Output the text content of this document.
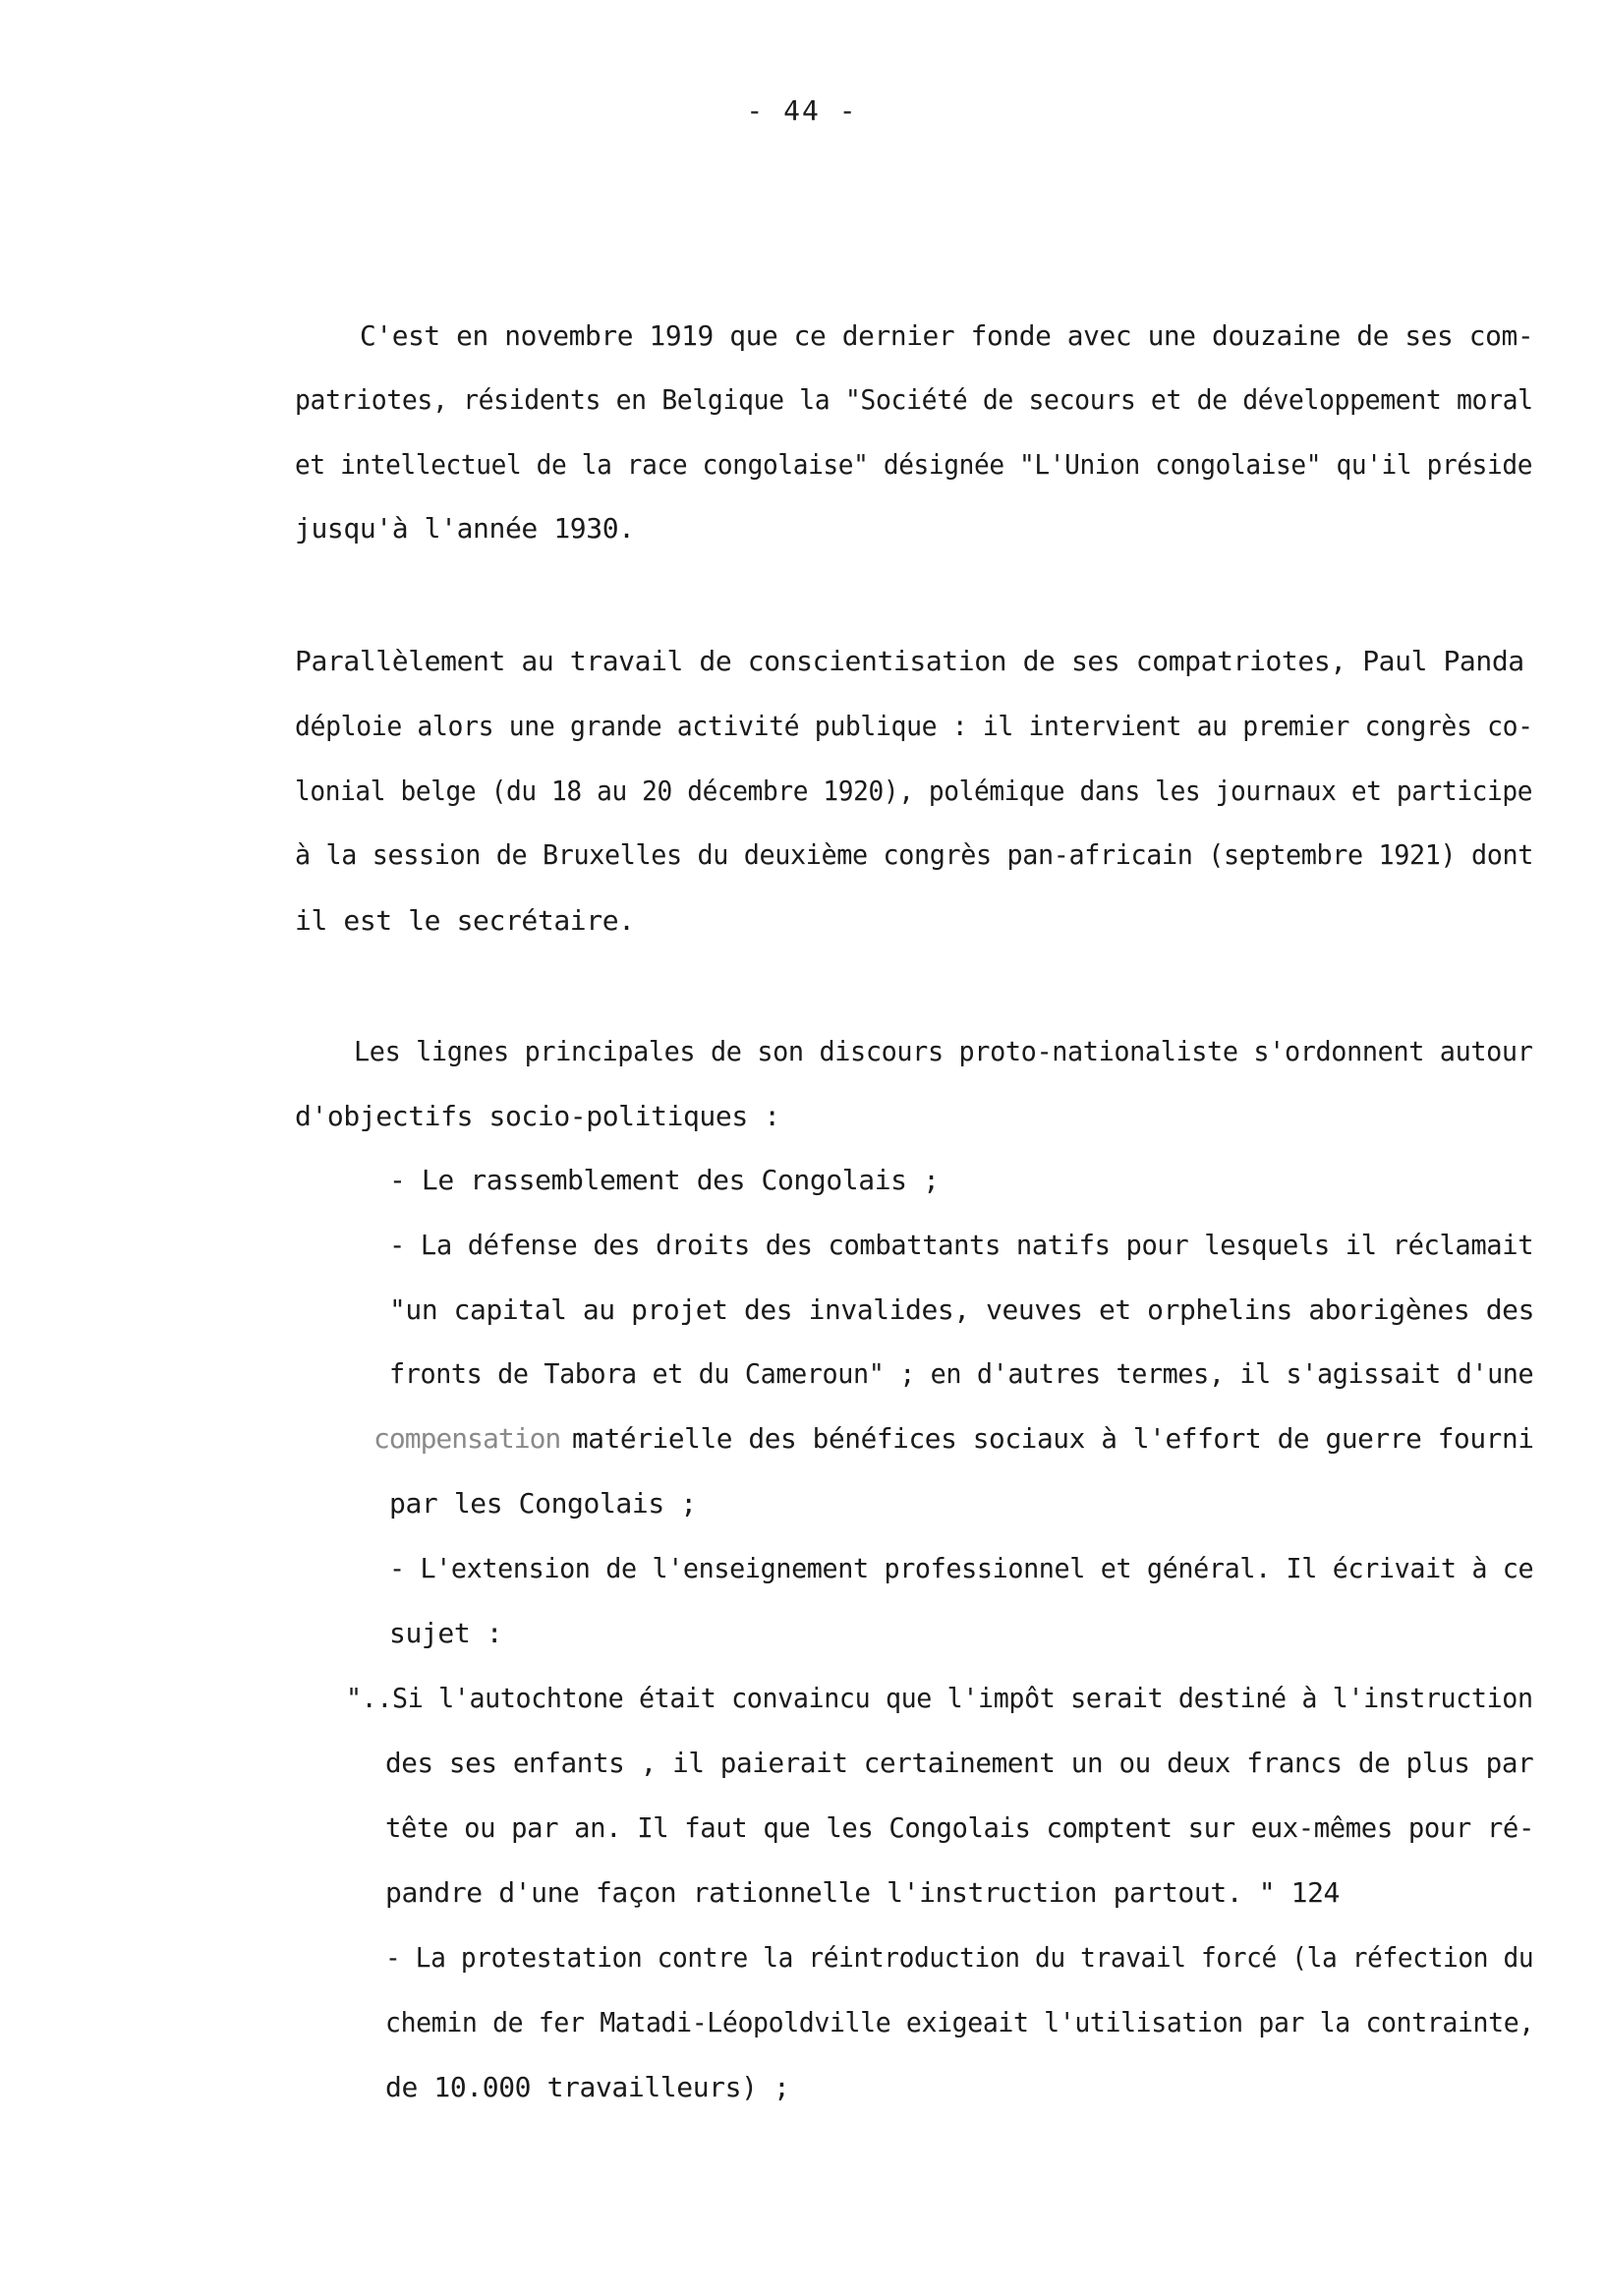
- 44 -
C'est en novembre 1919 que ce dernier fonde avec une douzaine de ses com-
patriotes, résidents en Belgique la "Société de secours et de développement moral
et intellectuel de la race congolaise" désignée "L'Union congolaise" qu'il préside
jusqu'à l'année 1930.
Parallèlement au travail de conscientisation de ses compatriotes, Paul Panda
déploie alors une grande activité publique : il intervient au premier congrès co-
lonial belge (du 18 au 20 décembre 1920), polémique dans les journaux et participe
à la session de Bruxelles du deuxième congrès pan-africain (septembre 1921) dont
il est le secrétaire.
Les lignes principales de son discours proto-nationaliste s'ordonnent autour
d'objectifs socio-politiques :
- Le rassemblement des Congolais ;
- La défense des droits des combattants natifs pour lesquels il réclamait
"un capital au projet des invalides, veuves et orphelins aborigènes des
fronts de Tabora et du Cameroun" ; en d'autres termes, il s'agissait d'une
compensation matérielle des bénéfices sociaux à l'effort de guerre fourni
par les Congolais ;
- L'extension de l'enseignement professionnel et général. Il écrivait à ce
sujet :
"..Si l'autochtone était convaincu que l'impôt serait destiné à l'instruction
des ses enfants , il paierait certainement un ou deux francs de plus par
tête ou par an. Il faut que les Congolais comptent sur eux-mêmes pour ré-
pandre d'une façon rationnelle l'instruction partout. " 124
- La protestation contre la réintroduction du travail forcé (la réfection du
chemin de fer Matadi-Léopoldville exigeait l'utilisation par la contrainte,
de 10.000 travailleurs) ;
